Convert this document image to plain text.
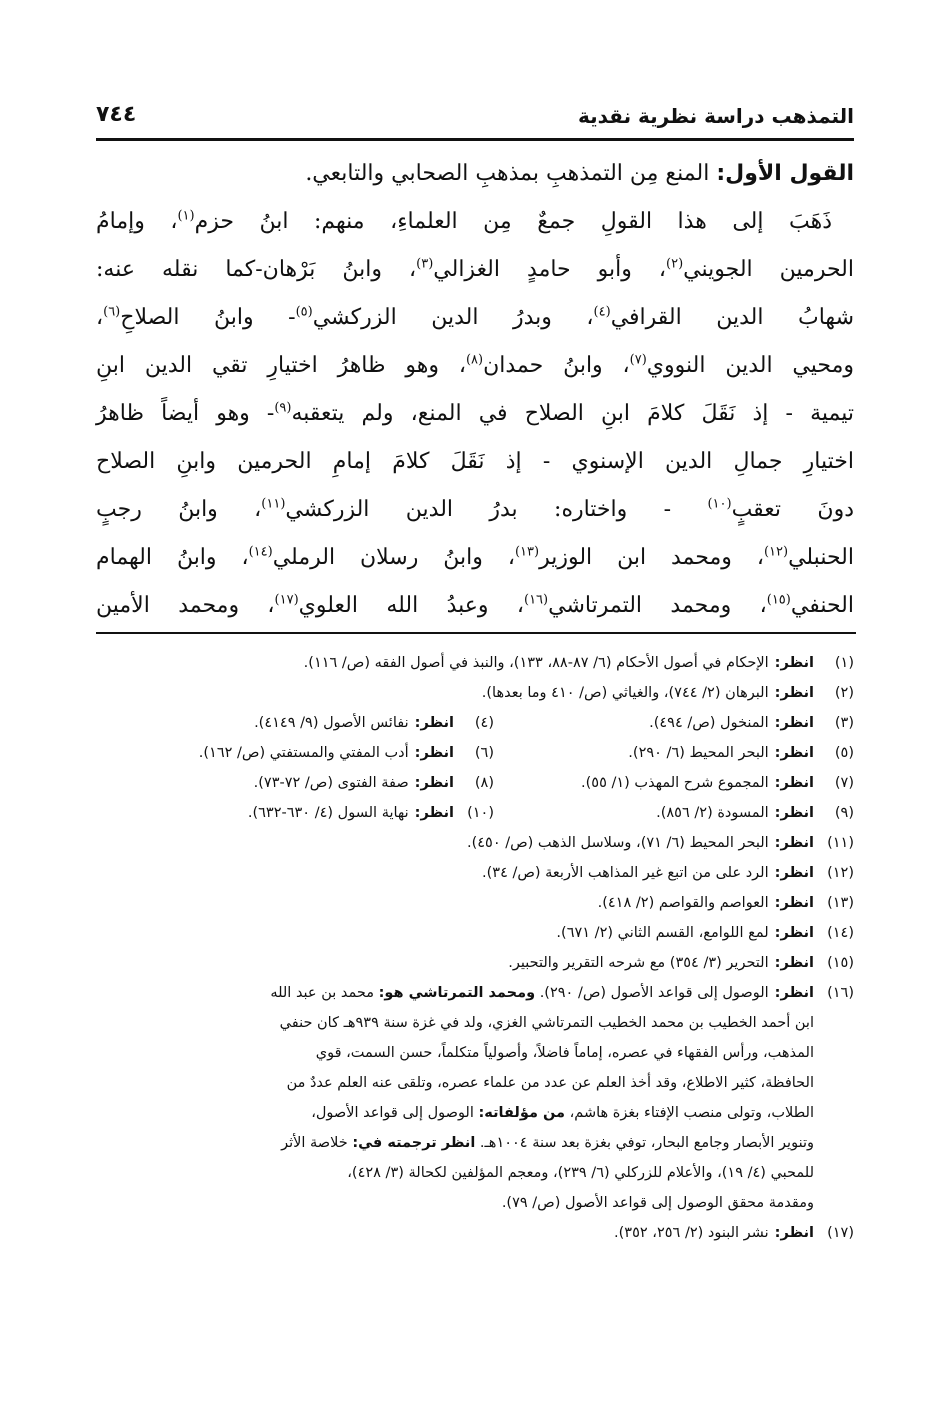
التمذهب دراسة نظرية نقدية
٧٤٤

القول الأول: المنع مِن التمذهبِ بمذهبِ الصحابي والتابعي.

ذَهَبَ إلى هذا القولِ جمعٌ مِن العلماءِ، منهم: ابنُ حزم$^{(١)}$، وإمامُ

الحرمين الجويني$^{(٢)}$، وأبو حامدٍ الغزالي$^{(٣)}$، وابنُ بَرْهان-كما نقله عنه:

شهابُ الدين القرافي$^{(٤)}$، وبدرُ الدين الزركشي$^{(٥)}$- وابنُ الصلاحِ$^{(٦)}$،

ومحيي الدين النووي$^{(٧)}$، وابنُ حمدان$^{(٨)}$، وهو ظاهرُ اختيارِ تقي الدين ابنِ

تيمية - إذ نَقَلَ كلامَ ابنِ الصلاح في المنع، ولم يتعقبه$^{(٩)}$- وهو أيضاً ظاهرُ

اختيارِ جمالِ الدين الإسنوي - إذ نَقَلَ كلامَ إمامِ الحرمين وابنِ الصلاح

دونَ تعقبٍ$^{(١٠)}$ - واختاره: بدرُ الدين الزركشي$^{(١١)}$، وابنُ رجبٍ

الحنبلي$^{(١٢)}$، ومحمد ابن الوزير$^{(١٣)}$، وابنُ رسلان الرملي$^{(١٤)}$، وابنُ الهمام

الحنفي$^{(١٥)}$، ومحمد التمرتاشي$^{(١٦)}$، وعبدُ الله العلوي$^{(١٧)}$، ومحمد الأمين

(١)
انظر:
الإحكام في أصول الأحكام (٦/ ٨٧-٨٨، ١٣٣)، والنبذ في أصول الفقه (ص/ ١١٦).
(٢)
انظر:
البرهان (٢/ ٧٤٤)، والغياثي (ص/ ٤١٠ وما بعدها).
(٣)
انظر:
المنخول (ص/ ٤٩٤).
(٤)
انظر:
نفائس الأصول (٩/ ٤١٤٩).
(٥)
انظر:
البحر المحيط (٦/ ٢٩٠).
(٦)
انظر:
أدب المفتي والمستفتي (ص/ ١٦٢).
(٧)
انظر:
المجموع شرح المهذب (١/ ٥٥).
(٨)
انظر:
صفة الفتوى (ص/ ٧٢-٧٣).
(٩)
انظر:
المسودة (٢/ ٨٥٦).
(١٠)
انظر:
نهاية السول (٤/ ٦٣٠-٦٣٢).
(١١)
انظر:
البحر المحيط (٦/ ٧١)، وسلاسل الذهب (ص/ ٤٥٠).
(١٢)
انظر:
الرد على من اتبع غير المذاهب الأربعة (ص/ ٣٤).
(١٣)
انظر:
العواصم والقواصم (٢/ ٤١٨).
(١٤)
انظر:
لمع اللوامع، القسم الثاني (٢/ ٦٧١).
(١٥)
انظر:
التحرير (٣/ ٣٥٤) مع شرحه التقرير والتحبير.
(١٦)
انظر:
الوصول إلى قواعد الأصول (ص/ ٢٩٠).

ومحمد التمرتاشي هو:

محمد بن عبد الله
ابن أحمد الخطيب بن محمد الخطيب التمرتاشي الغزي، ولد في غزة سنة ٩٣٩هـ كان حنفي
المذهب، ورأس الفقهاء في عصره، إماماً فاضلاً، وأصولياً متكلماً، حسن السمت، قوي
الحافظة، كثير الاطلاع، وقد أخذ العلم عن عدد من علماء عصره، وتلقى عنه العلم عددٌ من
الطلاب، وتولى منصب الإفتاء بغزة هاشم، من مؤلفاته: الوصول إلى قواعد الأصول،
وتنوير الأبصار وجامع البحار، توفي بغزة بعد سنة ١٠٠٤هـ. انظر ترجمته في: خلاصة الأثر
للمحبي (٤/ ١٩)، والأعلام للزركلي (٦/ ٢٣٩)، ومعجم المؤلفين لكحالة (٣/ ٤٢٨)،
ومقدمة محقق الوصول إلى قواعد الأصول (ص/ ٧٩).
(١٧)
انظر:
نشر البنود (٢/ ٢٥٦، ٣٥٢).
